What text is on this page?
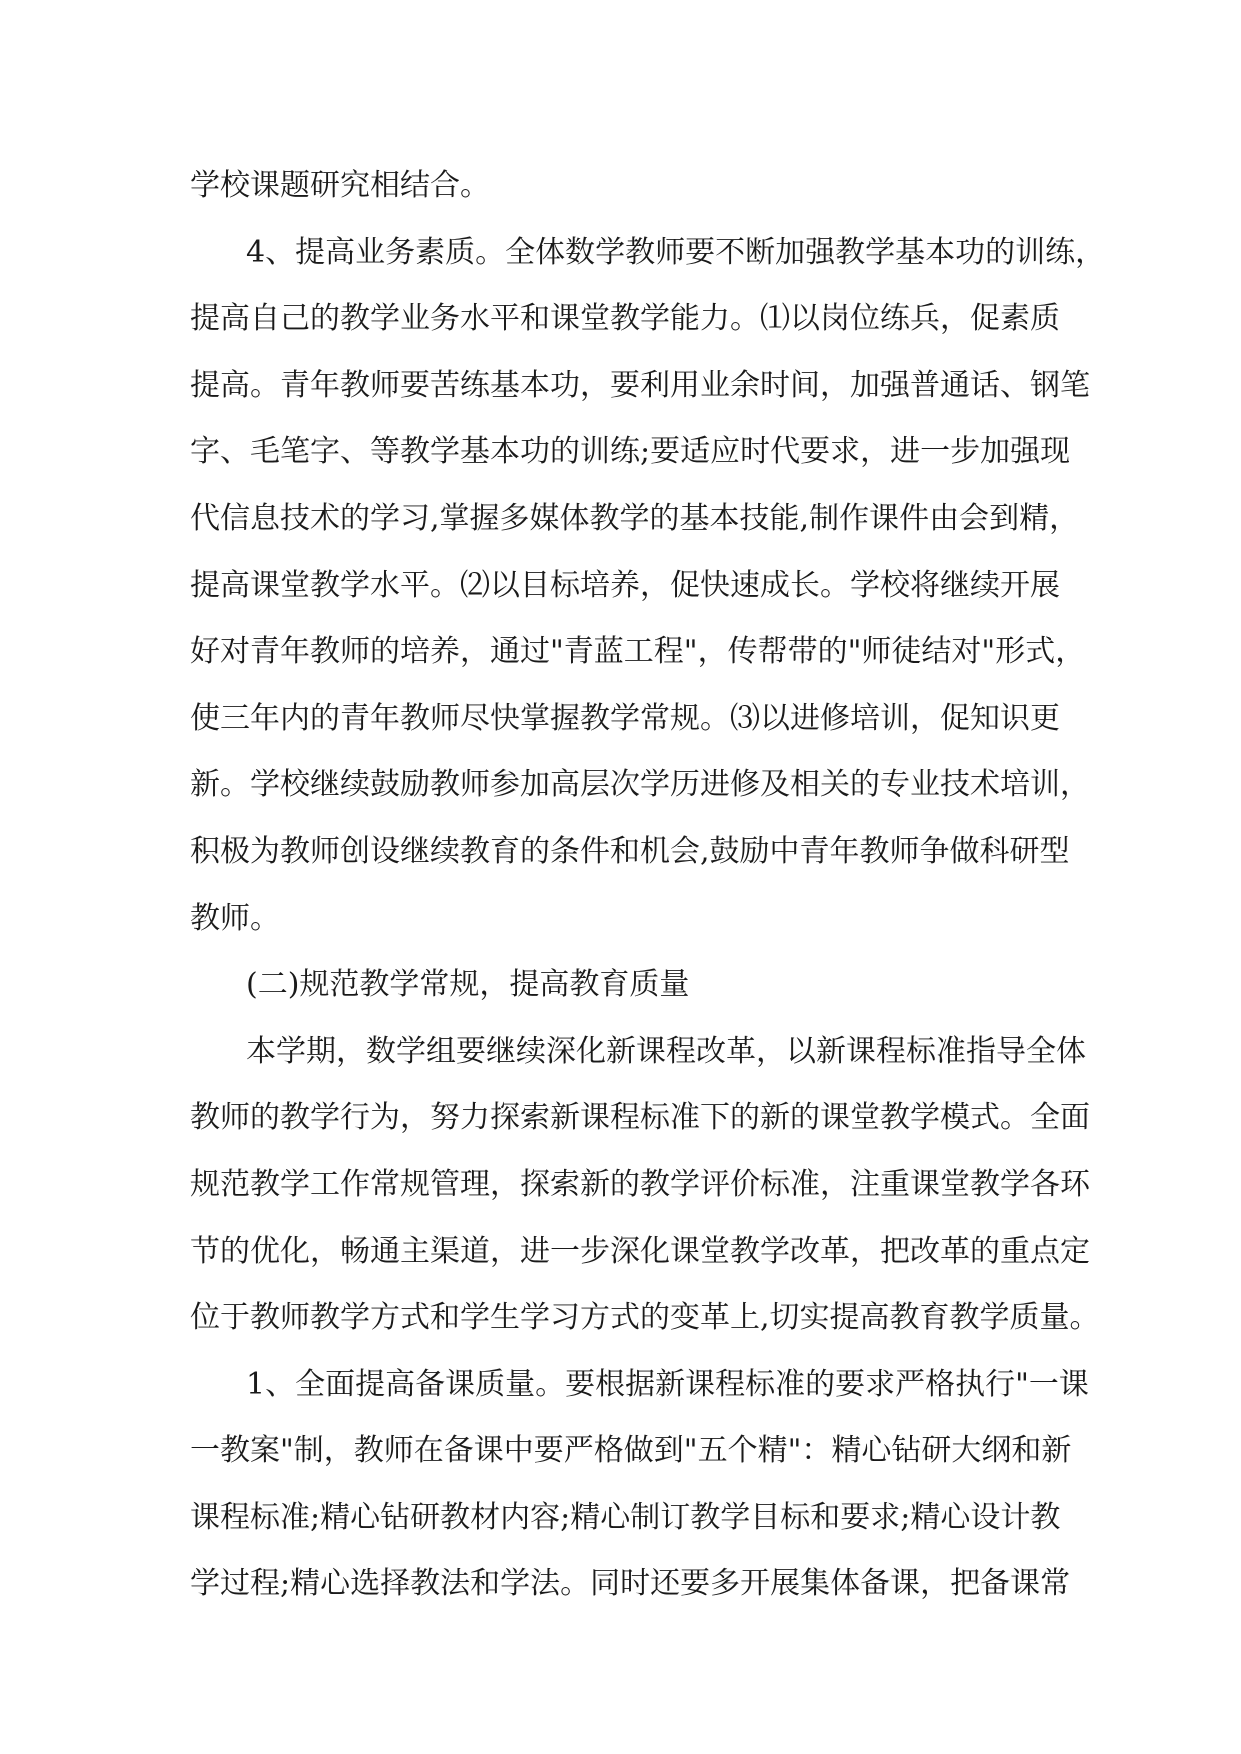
学校课题研究相结合。
4、提高业务素质。全体数学教师要不断加强教学基本功的训练，
提高自己的教学业务水平和课堂教学能力。⑴以岗位练兵，促素质
提高。青年教师要苦练基本功，要利用业余时间，加强普通话、钢笔
字、毛笔字、等教学基本功的训练;要适应时代要求，进一步加强现
代信息技术的学习,掌握多媒体教学的基本技能,制作课件由会到精，
提高课堂教学水平。⑵以目标培养，促快速成长。学校将继续开展
好对青年教师的培养，通过"青蓝工程"，传帮带的"师徒结对"形式，
使三年内的青年教师尽快掌握教学常规。⑶以进修培训，促知识更
新。学校继续鼓励教师参加高层次学历进修及相关的专业技术培训，
积极为教师创设继续教育的条件和机会,鼓励中青年教师争做科研型
教师。
(二)规范教学常规，提高教育质量
本学期，数学组要继续深化新课程改革，以新课程标准指导全体
教师的教学行为，努力探索新课程标准下的新的课堂教学模式。全面
规范教学工作常规管理，探索新的教学评价标准，注重课堂教学各环
节的优化，畅通主渠道，进一步深化课堂教学改革，把改革的重点定
位于教师教学方式和学生学习方式的变革上,切实提高教育教学质量。
1、全面提高备课质量。要根据新课程标准的要求严格执行"一课
一教案"制，教师在备课中要严格做到"五个精"：精心钻研大纲和新
课程标准;精心钻研教材内容;精心制订教学目标和要求;精心设计教
学过程;精心选择教法和学法。同时还要多开展集体备课，把备课常
